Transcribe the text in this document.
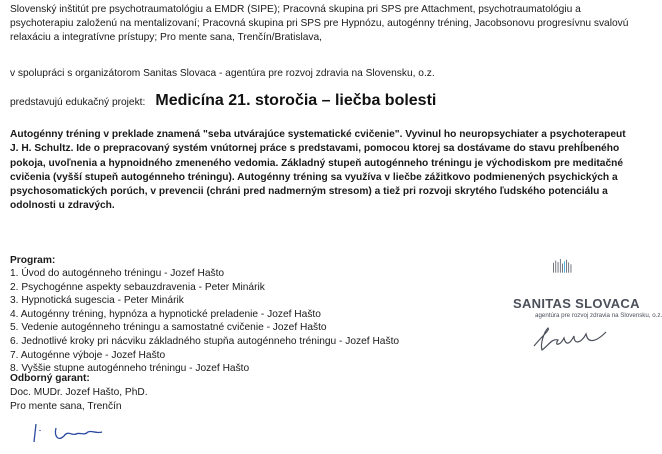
Slovenský inštitút pre psychotraumatológiu a EMDR (SIPE); Pracovná skupina pri SPS pre Attachment, psychotraumatológiu a psychoterapiu založenú na mentalizovaní; Pracovná skupina pri SPS pre Hypnózu, autogénny tréning, Jacobsonovu progresívnu svalovú relaxáciu a integratívne prístupy; Pro mente sana, Trenčín/Bratislava,
v spolupráci s organizátorom Sanitas Slovaca - agentúra pre rozvoj zdravia na Slovensku, o.z.
predstavujú edukačný projekt: Medicína 21. storočia – liečba bolesti
Autogénny tréning v preklade znamená "seba utvárajúce systematické cvičenie". Vyvinul ho neuropsychiater a psychoterapeut J. H. Schultz. Ide o prepracovaný systém vnútornej práce s predstavami, pomocou ktorej sa dostávame do stavu prehĺbeného pokoja, uvoľnenia a hypnoidného zmeneného vedomia. Základný stupeň autogénneho tréningu je východiskom pre meditačné cvičenia (vyšší stupeň autogénneho tréningu). Autogénny tréning sa využíva v liečbe zážitkovo podmienených psychických a psychosomatických porúch, v prevencii (chráni pred nadmerným stresom) a tiež pri rozvoji skrytého ľudského potenciálu a odolnosti u zdravých.
Program:
1. Úvod do autogénneho tréningu - Jozef Hašto
2. Psychogénne aspekty sebauzdravenia - Peter Minárik
3. Hypnotická sugescia - Peter Minárik
4. Autogénny tréning, hypnóza a hypnotické preladenie - Jozef Hašto
5. Vedenie autogénneho tréningu a samostatné cvičenie - Jozef Hašto
6. Jednotlivé kroky pri nácviku základného stupňa autogénneho tréningu - Jozef Hašto
7. Autogénne výboje - Jozef Hašto
8. Vyššie stupne autogénneho tréningu - Jozef Hašto
Odborný garant:
Doc. MUDr. Jozef Hašto, PhD.
Pro mente sana, Trenčín
SANITAS SLOVACA
agentúra pre rozvoj zdravia na Slovensku, o.z.
